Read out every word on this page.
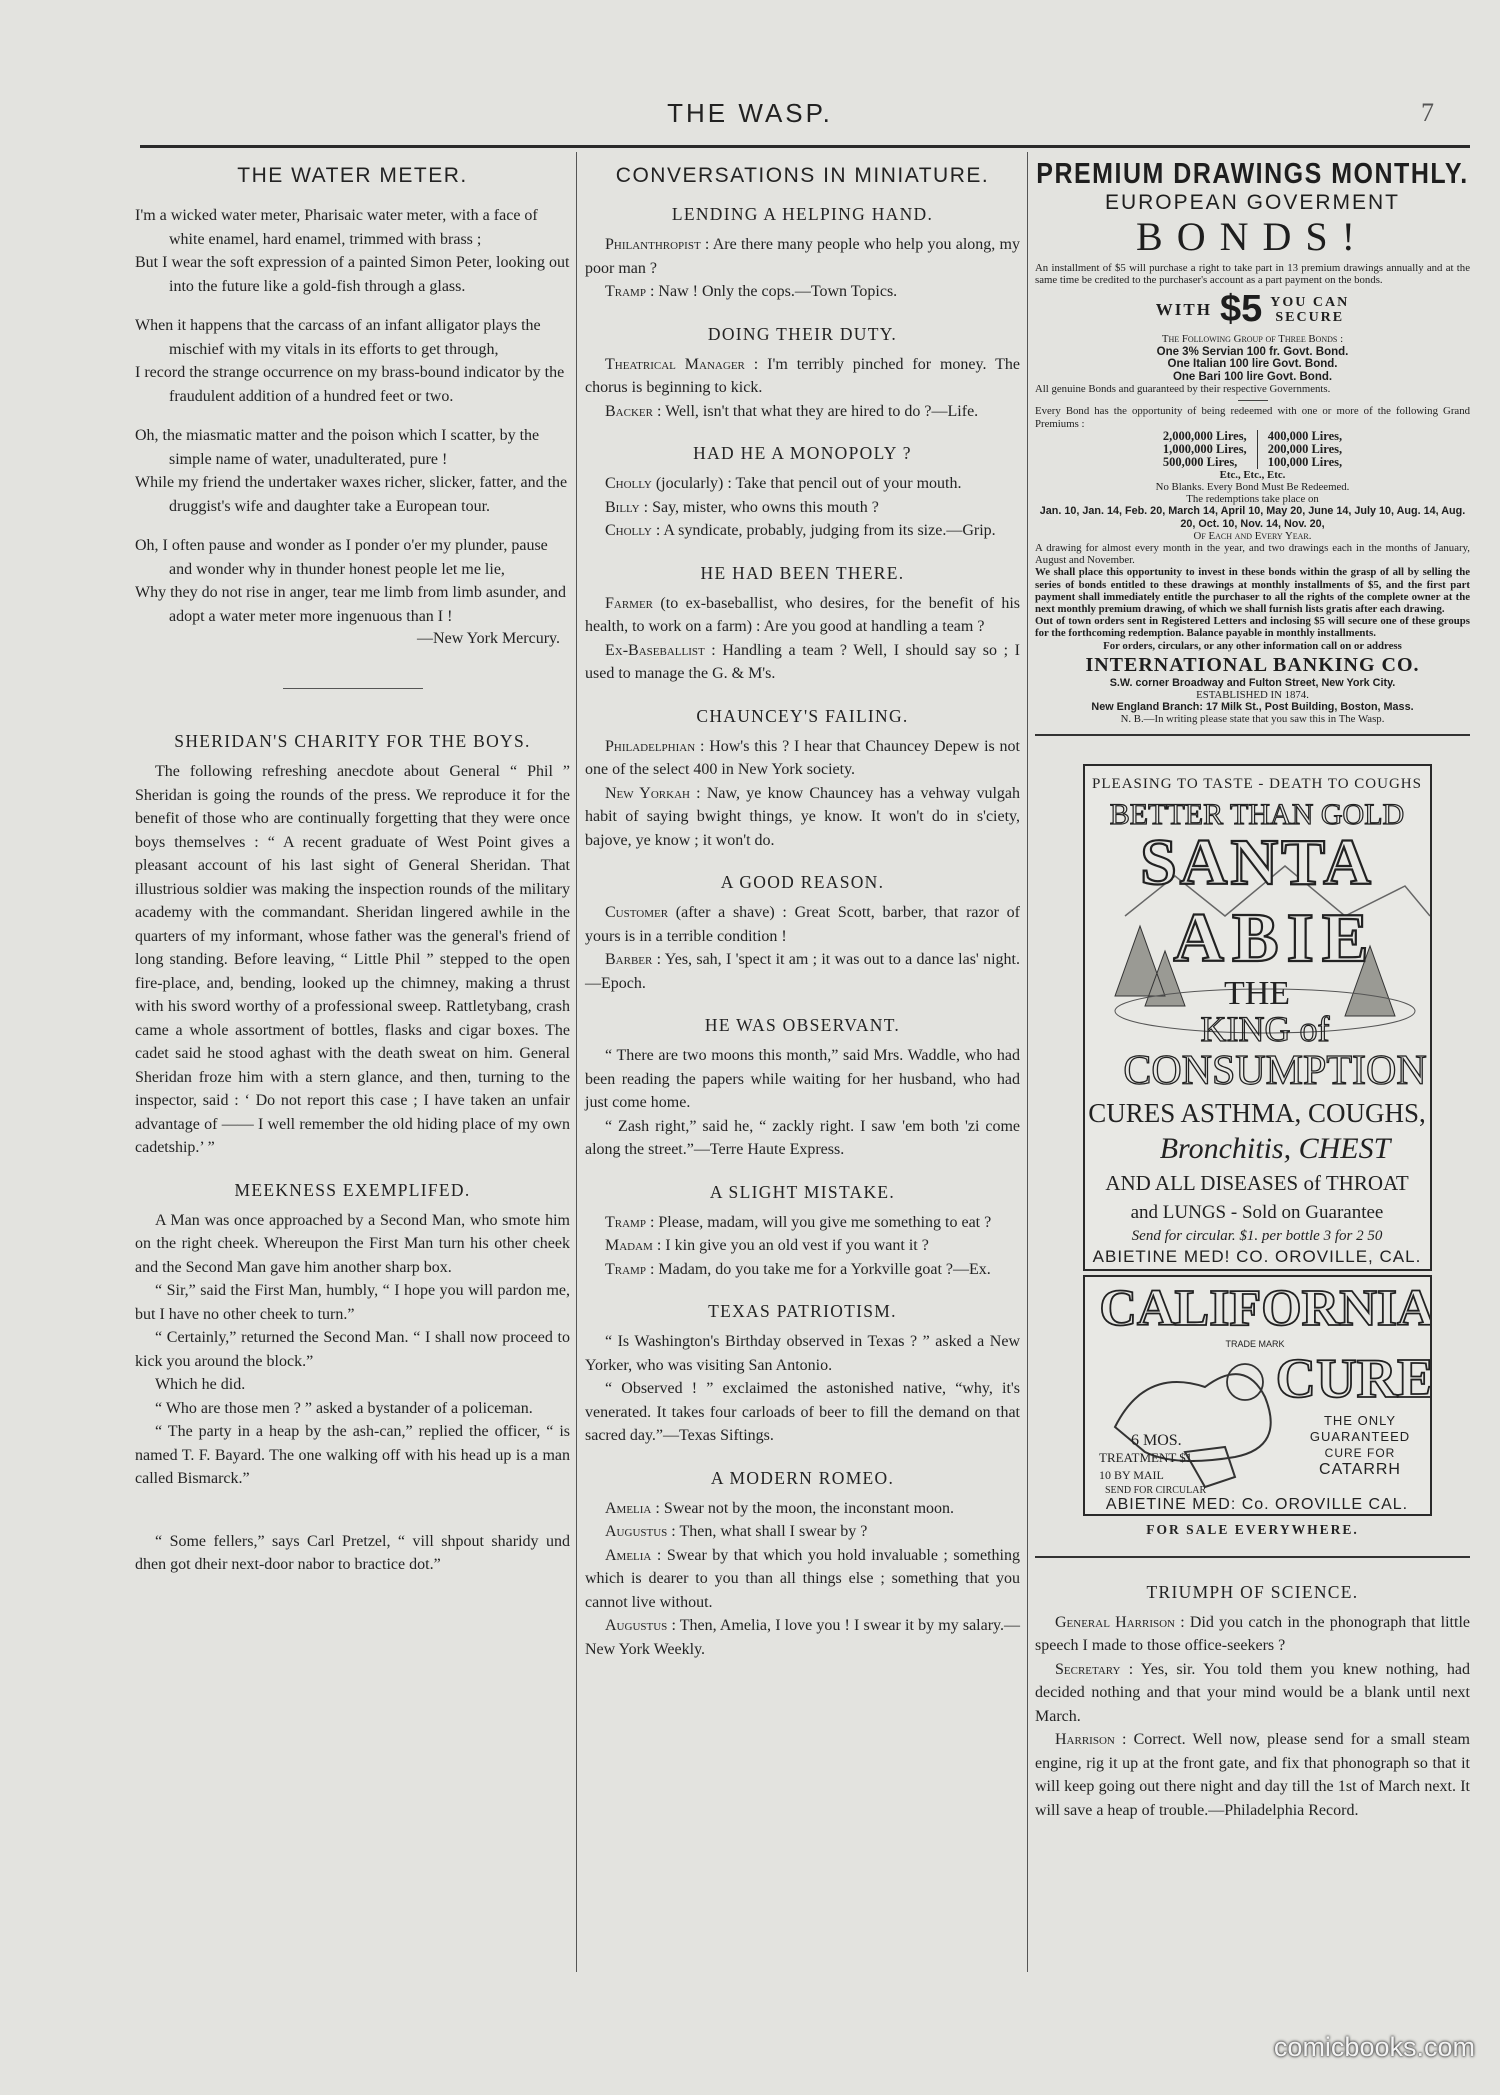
THE WASP.	7
THE WATER METER.

I'm a wicked water meter, Pharisaic water meter, with a face of white enamel, hard enamel, trimmed with brass ;

But I wear the soft expression of a painted Simon Peter, looking out into the future like a gold-fish through a glass.

When it happens that the carcass of an infant alligator plays the mischief with my vitals in its efforts to get through,

I record the strange occurrence on my brass-bound indicator by the fraudulent addition of a hundred feet or two.

Oh, the miasmatic matter and the poison which I scatter, by the simple name of water, unadulterated, pure !

While my friend the undertaker waxes richer, slicker, fatter, and the druggist's wife and daughter take a European tour.

Oh, I often pause and wonder as I ponder o'er my plunder, pause and wonder why in thunder honest people let me lie,

Why they do not rise in anger, tear me limb from limb asunder, and adopt a water meter more ingenuous than I !

—New York Mercury.
SHERIDAN'S CHARITY FOR THE BOYS.

The following refreshing anecdote about General “ Phil ” Sheridan is going the rounds of the press. We reproduce it for the benefit of those who are continually forgetting that they were once boys themselves : “ A recent graduate of West Point gives a pleasant account of his last sight of General Sheridan. That illustrious soldier was making the inspection rounds of the military academy with the commandant. Sheridan lingered awhile in the quarters of my informant, whose father was the general's friend of long standing. Before leaving, “ Little Phil ” stepped to the open fire-place, and, bending, looked up the chimney, making a thrust with his sword worthy of a professional sweep. Rattletybang, crash came a whole assortment of bottles, flasks and cigar boxes. The cadet said he stood aghast with the death sweat on him. General Sheridan froze him with a stern glance, and then, turning to the inspector, said : ‘ Do not report this case ; I have taken an unfair advantage of —— I well remember the old hiding place of my own cadetship.’ ”

MEEKNESS EXEMPLIFED.

A Man was once approached by a Second Man, who smote him on the right cheek. Whereupon the First Man turn his other cheek and the Second Man gave him another sharp box.

“ Sir,” said the First Man, humbly, “ I hope you will pardon me, but I have no other cheek to turn.”

“ Certainly,” returned the Second Man. “ I shall now proceed to kick you around the block.”

Which he did.

“ Who are those men ? ” asked a bystander of a policeman.

“ The party in a heap by the ash-can,” replied the officer, “ is named T. F. Bayard. The one walking off with his head up is a man called Bismarck.”

“ Some fellers,” says Carl Pretzel, “ vill shpout sharidy und dhen got dheir next-door nabor to bractice dot.”

CONVERSATIONS IN MINIATURE.
LENDING A HELPING HAND.

Philanthropist : Are there many people who help you along, my poor man ?

Tramp : Naw ! Only the cops.—Town Topics.

DOING THEIR DUTY.

Theatrical Manager : I'm terribly pinched for money. The chorus is beginning to kick.

Backer : Well, isn't that what they are hired to do ?—Life.

HAD HE A MONOPOLY ?

Cholly (jocularly) : Take that pencil out of your mouth.

Billy : Say, mister, who owns this mouth ?

Cholly : A syndicate, probably, judging from its size.—Grip.

HE HAD BEEN THERE.

Farmer (to ex-baseballist, who desires, for the benefit of his health, to work on a farm) : Are you good at handling a team ?

Ex-Baseballist : Handling a team ? Well, I should say so ; I used to manage the G. & M's.

CHAUNCEY'S FAILING.

Philadelphian : How's this ? I hear that Chauncey Depew is not one of the select 400 in New York society.

New Yorkah : Naw, ye know Chauncey has a vehway vulgah habit of saying bwight things, ye know. It won't do in s'ciety, bajove, ye know ; it won't do.

A GOOD REASON.

Customer (after a shave) : Great Scott, barber, that razor of yours is in a terrible condition !

Barber : Yes, sah, I 'spect it am ; it was out to a dance las' night.—Epoch.

HE WAS OBSERVANT.

“ There are two moons this month,” said Mrs. Waddle, who had been reading the papers while waiting for her husband, who had just come home.

“ Zash right,” said he, “ zackly right. I saw 'em both 'zi come along the street.”—Terre Haute Express.

A SLIGHT MISTAKE.

Tramp : Please, madam, will you give me something to eat ?

Madam : I kin give you an old vest if you want it ?

Tramp : Madam, do you take me for a Yorkville goat ?—Ex.

TEXAS PATRIOTISM.

“ Is Washington's Birthday observed in Texas ? ” asked a New Yorker, who was visiting San Antonio.

“ Observed ! ” exclaimed the astonished native, “why, it's venerated. It takes four carloads of beer to fill the demand on that sacred day.”—Texas Siftings.

A MODERN ROMEO.

Amelia : Swear not by the moon, the inconstant moon.

Augustus : Then, what shall I swear by ?

Amelia : Swear by that which you hold invaluable ; something which is dearer to you than all things else ; something that you cannot live without.

Augustus : Then, Amelia, I love you ! I swear it by my salary.—New York Weekly.

PREMIUM DRAWINGS MONTHLY.
EUROPEAN GOVERMENT
BONDS!

An installment of $5 will purchase a right to take part in 13 premium drawings annually and at the same time be credited to the purchaser's account as a part payment on the bonds.

WITH $5 YOU CAN
SECURE

The Following Group of Three Bonds :

One 3% Servian 100 fr. Govt. Bond.
One Italian 100 lire Govt. Bond.
One Bari 100 lire Govt. Bond.

All genuine Bonds and guaranteed by their respective Governments.

Every Bond has the opportunity of being redeemed with one or more of the following Grand Premiums :

2,000,000 Lires,
1,000,000 Lires,
500,000 Lires,
400,000 Lires,
200,000 Lires,
100,000 Lires,
Etc., Etc., Etc.

No Blanks. Every Bond Must Be Redeemed.

The redemptions take place on

Jan. 10, Jan. 14, Feb. 20, March 14, April 10, May 20, June 14, July 10, Aug. 14, Aug. 20, Oct. 10, Nov. 14, Nov. 20,

Of Each and Every Year.

A drawing for almost every month in the year, and two drawings each in the months of January, August and November.

We shall place this opportunity to invest in these bonds within the grasp of all by selling the series of bonds entitled to these drawings at monthly installments of $5, and the first part payment shall immediately entitle the purchaser to all the rights of the complete owner at the next monthly premium drawing, of which we shall furnish lists gratis after each drawing.

Out of town orders sent in Registered Letters and inclosing $5 will secure one of these groups for the forthcoming redemption. Balance payable in monthly installments.

For orders, circulars, or any other information call on or address

INTERNATIONAL BANKING CO.

S.W. corner Broadway and Fulton Street, New York City.

ESTABLISHED IN 1874.

New England Branch: 17 Milk St., Post Building, Boston, Mass.

N. B.—In writing please state that you saw this in The Wasp.

PLEASING TO TASTE - DEATH TO COUGHS
BETTER THAN GOLD
SANTA
ABIE
THE
KING of
CONSUMPTION
CURES ASTHMA, COUGHS,
Bronchitis, CHEST
AND ALL DISEASES of THROAT
and LUNGS - Sold on Guarantee
Send for circular. $1. per bottle 3 for 2 50
ABIETINE MED! CO. OROVILLE, CAL.
CALIFORNIA
TRADE MARK
CURE
6 MOS.
TREATMENT $1.
10 BY MAIL
THE ONLY
GUARANTEED
CURE FOR
CATARRH
SEND FOR CIRCULAR
ABIETINE MED: Co. OROVILLE CAL.
FOR SALE EVERYWHERE.
TRIUMPH OF SCIENCE.

General Harrison : Did you catch in the phonograph that little speech I made to those office-seekers ?

Secretary : Yes, sir. You told them you knew nothing, had decided nothing and that your mind would be a blank until next March.

Harrison : Correct. Well now, please send for a small steam engine, rig it up at the front gate, and fix that phonograph so that it will keep going out there night and day till the 1st of March next. It will save a heap of trouble.—Philadelphia Record.

comicbooks.com
